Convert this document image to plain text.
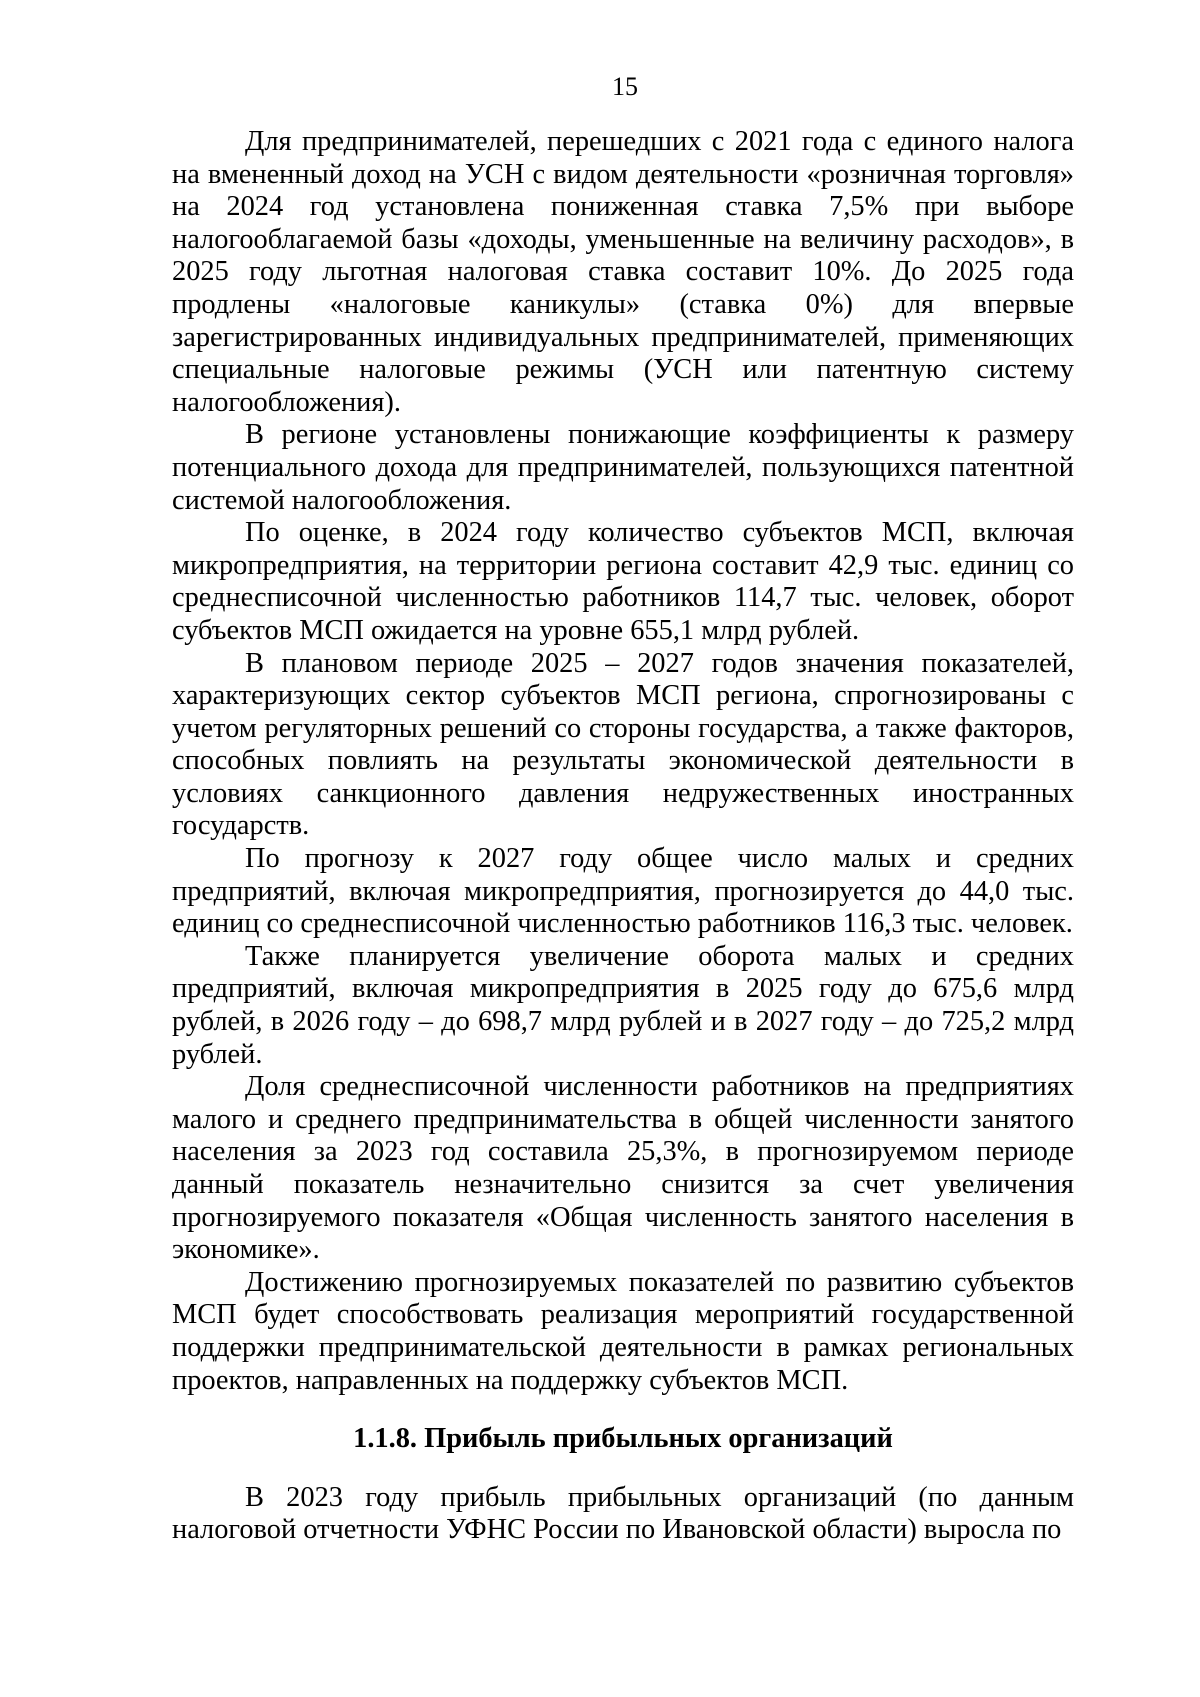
15

Для предпринимателей, перешедших с 2021 года с единого налога на вмененный доход на УСН с видом деятельности «розничная торговля» на 2024 год установлена пониженная ставка 7,5% при выборе налогооблагаемой базы «доходы, уменьшенные на величину расходов», в 2025 году льготная налоговая ставка составит 10%. До 2025 года продлены «налоговые каникулы» (ставка 0%) для впервые зарегистрированных индивидуальных предпринимателей, применяющих специальные налоговые режимы (УСН или патентную систему налогообложения).

В регионе установлены понижающие коэффициенты к размеру потенциального дохода для предпринимателей, пользующихся патентной системой налогообложения.

По оценке, в 2024 году количество субъектов МСП, включая микропредприятия, на территории региона составит 42,9 тыс. единиц со среднесписочной численностью работников 114,7 тыс. человек, оборот субъектов МСП ожидается на уровне 655,1 млрд рублей.

В плановом периоде 2025 – 2027 годов значения показателей, характеризующих сектор субъектов МСП региона, спрогнозированы с учетом регуляторных решений со стороны государства, а также факторов, способных повлиять на результаты экономической деятельности в условиях санкционного давления недружественных иностранных государств.

По прогнозу к 2027 году общее число малых и средних предприятий, включая микропредприятия, прогнозируется до 44,0 тыс. единиц со среднесписочной численностью работников 116,3 тыс. человек.

Также планируется увеличение оборота малых и средних предприятий, включая микропредприятия в 2025 году до 675,6 млрд рублей, в 2026 году – до 698,7 млрд рублей и в 2027 году – до 725,2 млрд рублей.

Доля среднесписочной численности работников на предприятиях малого и среднего предпринимательства в общей численности занятого населения за 2023 год составила 25,3%, в прогнозируемом периоде данный показатель незначительно снизится за счет увеличения прогнозируемого показателя «Общая численность занятого населения в экономике».

Достижению прогнозируемых показателей по развитию субъектов МСП будет способствовать реализация мероприятий государственной поддержки предпринимательской деятельности в рамках региональных проектов, направленных на поддержку субъектов МСП.

1.1.8. Прибыль прибыльных организаций

В 2023 году прибыль прибыльных организаций (по данным налоговой отчетности УФНС России по Ивановской области) выросла по
